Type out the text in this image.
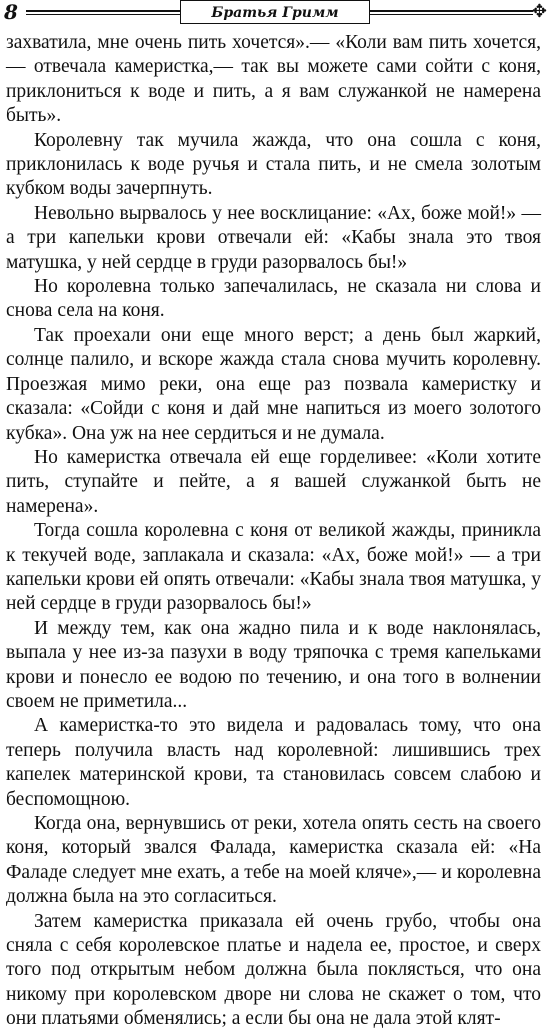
8	Братья Гримм	✥

захватила, мне очень пить хочется».— «Коли вам пить хочется,— отвечала камеристка,— так вы можете сами сойти с коня, приклониться к воде и пить, а я вам служанкой не намерена быть».

Королевну так мучила жажда, что она сошла с коня, приклонилась к воде ручья и стала пить, и не смела золотым кубком воды зачерпнуть.

Невольно вырвалось у нее восклицание: «Ах, боже мой!» — а три капельки крови отвечали ей: «Кабы знала это твоя матушка, у ней сердце в груди разорвалось бы!»

Но королевна только запечалилась, не сказала ни слова и снова села на коня.

Так проехали они еще много верст; а день был жаркий, солнце палило, и вскоре жажда стала снова мучить королевну. Проезжая мимо реки, она еще раз позвала камеристку и сказала: «Сойди с коня и дай мне напиться из моего золотого кубка». Она уж на нее сердиться и не думала.

Но камеристка отвечала ей еще горделивее: «Коли хотите пить, ступайте и пейте, а я вашей служанкой быть не намерена».

Тогда сошла королевна с коня от великой жажды, приникла к текучей воде, заплакала и сказала: «Ах, боже мой!» — а три капельки крови ей опять отвечали: «Кабы знала твоя матушка, у ней сердце в груди разорвалось бы!»

И между тем, как она жадно пила и к воде наклонялась, выпала у нее из-за пазухи в воду тряпочка с тремя капельками крови и понесло ее водою по течению, и она того в волнении своем не приметила...

А камеристка-то это видела и радовалась тому, что она теперь получила власть над королевной: лишившись трех капелек материнской крови, та становилась совсем слабою и беспомощною.

Когда она, вернувшись от реки, хотела опять сесть на своего коня, который звался Фалада, камеристка сказала ей: «На Фаладе следует мне ехать, а тебе на моей кляче»,— и королевна должна была на это согласиться.

Затем камеристка приказала ей очень грубо, чтобы она сняла с себя королевское платье и надела ее, простое, и сверх того под открытым небом должна была поклясться, что она никому при королевском дворе ни слова не скажет о том, что они платьями обменялись; а если бы она не дала этой клят-
